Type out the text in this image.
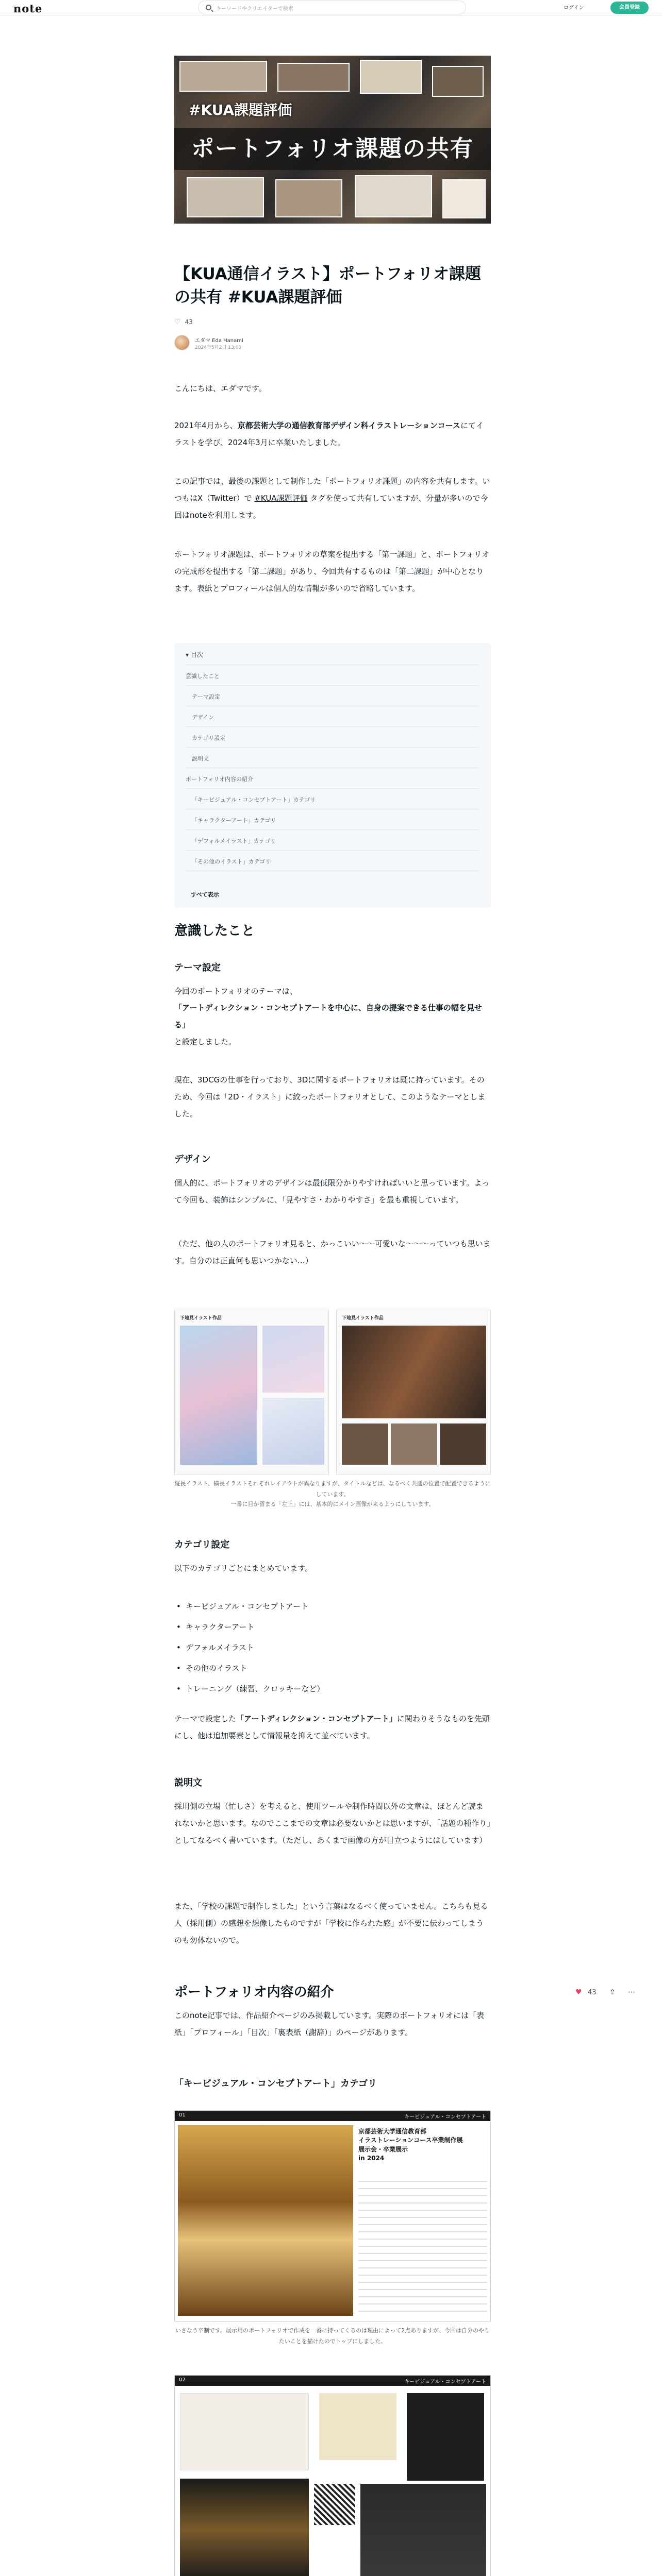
note	キーワードやクリエイターで検索	ログイン	会員登録
#KUA課題評価
ポートフォリオ課題の共有
【KUA通信イラスト】ポートフォリオ課題の共有 #KUA課題評価
♡ 43
エダマ Eda Hanami
2024年5月2日 13:00

こんにちは、エダマです。

2021年4月から、京都芸術大学の通信教育部デザイン科イラストレーションコースにてイラストを学び、2024年3月に卒業いたしました。

この記事では、最後の課題として制作した「ポートフォリオ課題」の内容を共有します。いつもはX（Twitter）で #KUA課題評価 タグを使って共有していますが、分量が多いので今回はnoteを利用します。

ポートフォリオ課題は、ポートフォリオの草案を提出する「第一課題」と、ポートフォリオの完成形を提出する「第二課題」があり、今回共有するものは「第二課題」が中心となります。表紙とプロフィールは個人的な情報が多いので省略しています。

▾ 目次
意識したこと
テーマ設定
デザイン
カテゴリ設定
説明文
ポートフォリオ内容の紹介
「キービジュアル・コンセプトアート」カテゴリ
「キャラクターアート」カテゴリ
「デフォルメイラスト」カテゴリ
「その他のイラスト」カテゴリ
すべて表示
意識したこと
テーマ設定

今回のポートフォリオのテーマは、

「アートディレクション・コンセプトアートを中心に、自身の提案できる仕事の幅を見せる」

と設定しました。

現在、3DCGの仕事を行っており、3Dに関するポートフォリオは既に持っています。そのため、今回は「2D・イラスト」に絞ったポートフォリオとして、このようなテーマとしました。

デザイン

個人的に、ポートフォリオのデザインは最低限分かりやすければいいと思っています。よって今回も、装飾はシンプルに、「見やすさ・わかりやすさ」を最も重視しています。

（ただ、他の人のポートフォリオ見ると、かっこいい〜〜可愛いな〜〜〜っていつも思います。自分のは正直何も思いつかない…）

下地見イラスト作品	下地見イラスト作品

縦長イラスト、横長イラストそれぞれレイアウトが異なりますが、タイトルなどは、なるべく共通の位置で配置できるようにしています。

一番に目が留まる「左上」には、基本的にメイン画像が来るようにしています。

カテゴリ設定

以下のカテゴリごとにまとめています。

• キービジュアル・コンセプトアート
• キャラクターアート
• デフォルメイラスト
• その他のイラスト
• トレーニング（練習、クロッキーなど）

テーマで設定した「アートディレクション・コンセプトアート」に関わりそうなものを先頭にし、他は追加要素として情報量を抑えて並べています。

説明文

採用側の立場（忙しさ）を考えると、使用ツールや制作時間以外の文章は、ほとんど読まれないかと思います。なのでここまでの文章は必要ないかとは思いますが、「話題の種作り」としてなるべく書いています。（ただし、あくまで画像の方が目立つようにはしています）

また、「学校の課題で制作しました」という言葉はなるべく使っていません。こちらも見る人（採用側）の感想を想像したものですが「学校に作られた感」が不要に伝わってしまうのも勿体ないので。

ポートフォリオ内容の紹介

このnote記事では、作品紹介ページのみ掲載しています。実際のポートフォリオには「表紙」「プロフィール」「目次」「裏表紙（謝辞）」のページがあります。

「キービジュアル・コンセプトアート」カテゴリ
01	キービジュアル・コンセプトアート
京都芸術大学通信教育部
イラストレーションコース卒業制作展
展示会・卒業展示
in 2024

いさなう卒制です。展示用のポートフォリオで作成を一番に持ってくるのは理由によって2点ありますが、今回は自分のやりたいことを描けたのでトップにしました。

02	キービジュアル・コンセプトアート

♥ 43 ⇪ ⋯
